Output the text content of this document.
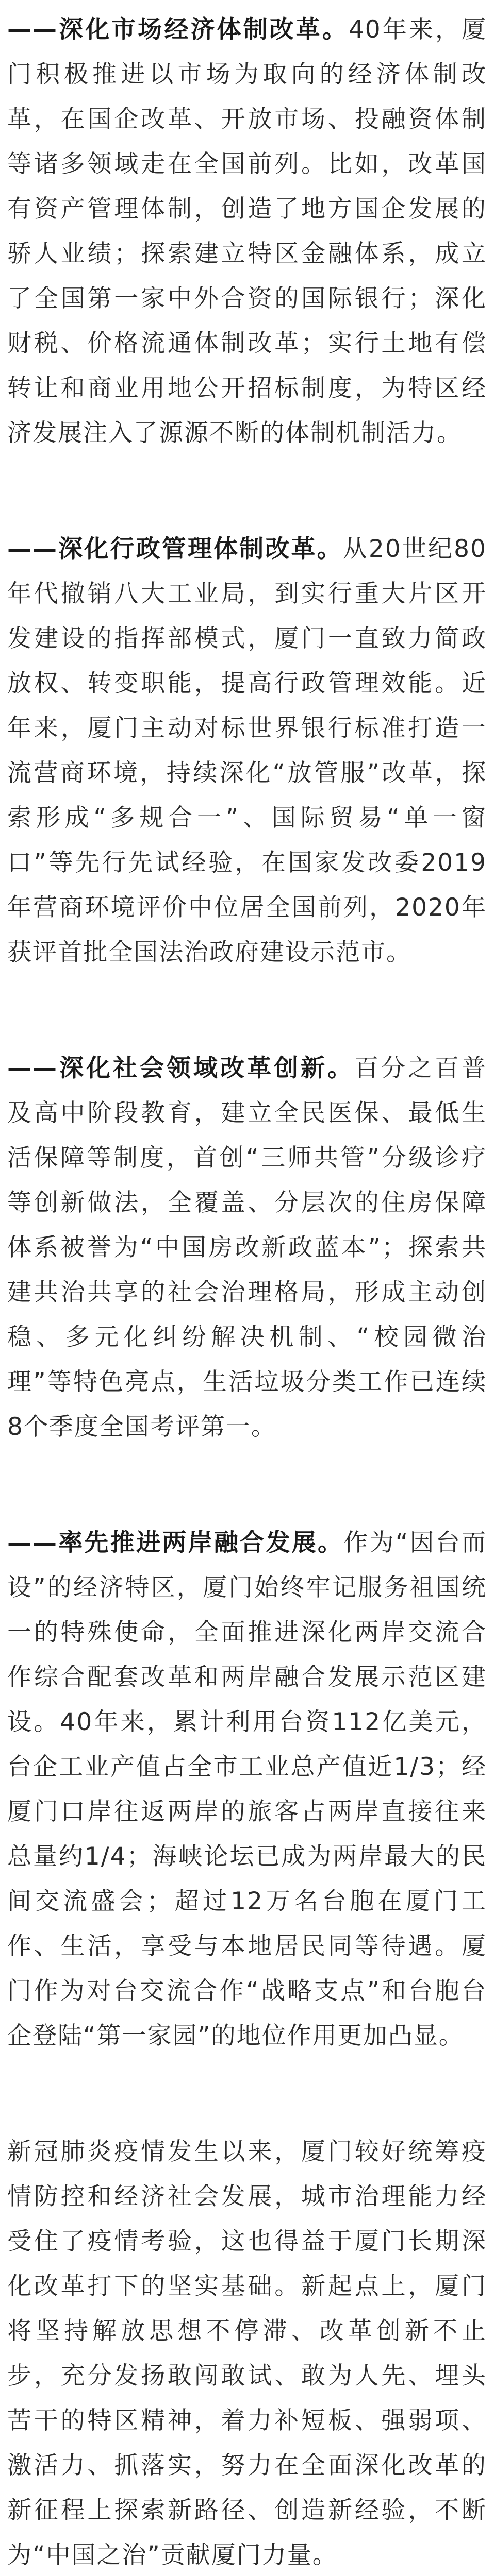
——深化市场经济体制改革。40年来，厦门积极推进以市场为取向的经济体制改革，在国企改革、开放市场、投融资体制等诸多领域走在全国前列。比如，改革国有资产管理体制，创造了地方国企发展的骄人业绩；探索建立特区金融体系，成立了全国第一家中外合资的国际银行；深化财税、价格流通体制改革；实行土地有偿转让和商业用地公开招标制度，为特区经济发展注入了源源不断的体制机制活力。

——深化行政管理体制改革。从20世纪80年代撤销八大工业局，到实行重大片区开发建设的指挥部模式，厦门一直致力简政放权、转变职能，提高行政管理效能。近年来，厦门主动对标世界银行标准打造一流营商环境，持续深化“放管服”改革，探索形成“多规合一”、国际贸易“单一窗口”等先行先试经验，在国家发改委2019年营商环境评价中位居全国前列，2020年获评首批全国法治政府建设示范市。

——深化社会领域改革创新。百分之百普及高中阶段教育，建立全民医保、最低生活保障等制度，首创“三师共管”分级诊疗等创新做法，全覆盖、分层次的住房保障体系被誉为“中国房改新政蓝本”；探索共建共治共享的社会治理格局，形成主动创稳、多元化纠纷解决机制、“校园微治理”等特色亮点，生活垃圾分类工作已连续8个季度全国考评第一。

——率先推进两岸融合发展。作为“因台而设”的经济特区，厦门始终牢记服务祖国统一的特殊使命，全面推进深化两岸交流合作综合配套改革和两岸融合发展示范区建设。40年来，累计利用台资112亿美元，台企工业产值占全市工业总产值近1/3；经厦门口岸往返两岸的旅客占两岸直接往来总量约1/4；海峡论坛已成为两岸最大的民间交流盛会；超过12万名台胞在厦门工作、生活，享受与本地居民同等待遇。厦门作为对台交流合作“战略支点”和台胞台企登陆“第一家园”的地位作用更加凸显。

新冠肺炎疫情发生以来，厦门较好统筹疫情防控和经济社会发展，城市治理能力经受住了疫情考验，这也得益于厦门长期深化改革打下的坚实基础。新起点上，厦门将坚持解放思想不停滞、改革创新不止步，充分发扬敢闯敢试、敢为人先、埋头苦干的特区精神，着力补短板、强弱项、激活力、抓落实，努力在全面深化改革的新征程上探索新路径、创造新经验，不断为“中国之治”贡献厦门力量。
